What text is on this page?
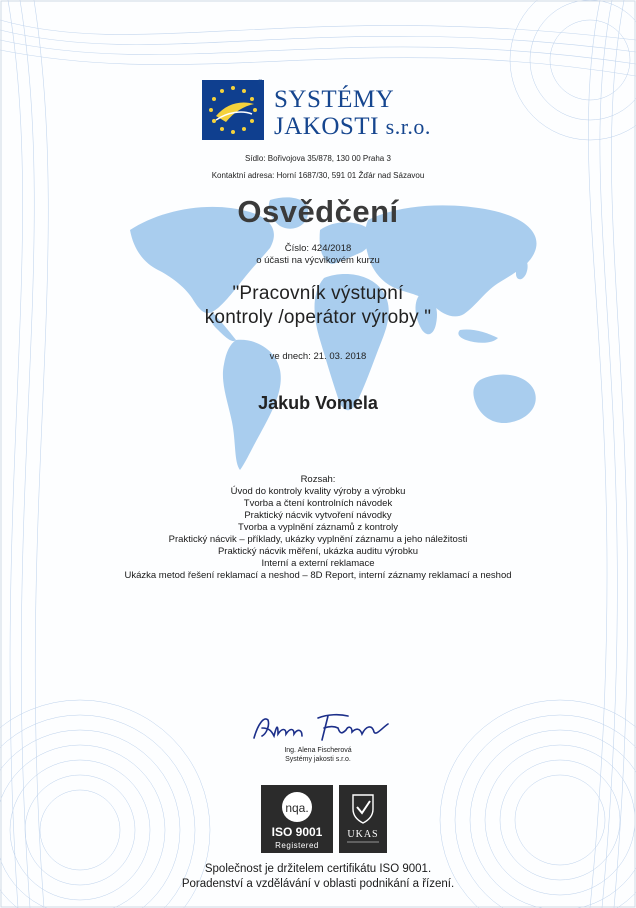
®
SYSTÉMY
JAKOSTI s.r.o.
Sídlo: Bořivojova 35/878, 130 00 Praha 3
Kontaktní adresa: Horní 1687/30, 591 01 Žďár nad Sázavou
Osvědčení
Číslo: 424/2018
o účasti na výcvikovém kurzu
"Pracovník výstupní
kontroly /operátor výroby "
ve dnech: 21. 03. 2018
Jakub Vomela
Rozsah:
Úvod do kontroly kvality výroby a výrobku
Tvorba a čtení kontrolních návodek
Praktický nácvik vytvoření návodky
Tvorba a vyplnění záznamů z kontroly
Praktický nácvik – příklady, ukázky vyplnění záznamu a jeho náležitosti
Praktický nácvik měření, ukázka auditu výrobku
Interní a externí reklamace
Ukázka metod řešení reklamací a neshod – 8D Report, interní záznamy reklamací a neshod
Ing. Alena Fischerová
Systémy jakosti s.r.o.
nqa.
ISO 9001
Registered
UKAS
Společnost je držitelem certifikátu ISO 9001.
Poradenství a vzdělávání v oblasti podnikání a řízení.
